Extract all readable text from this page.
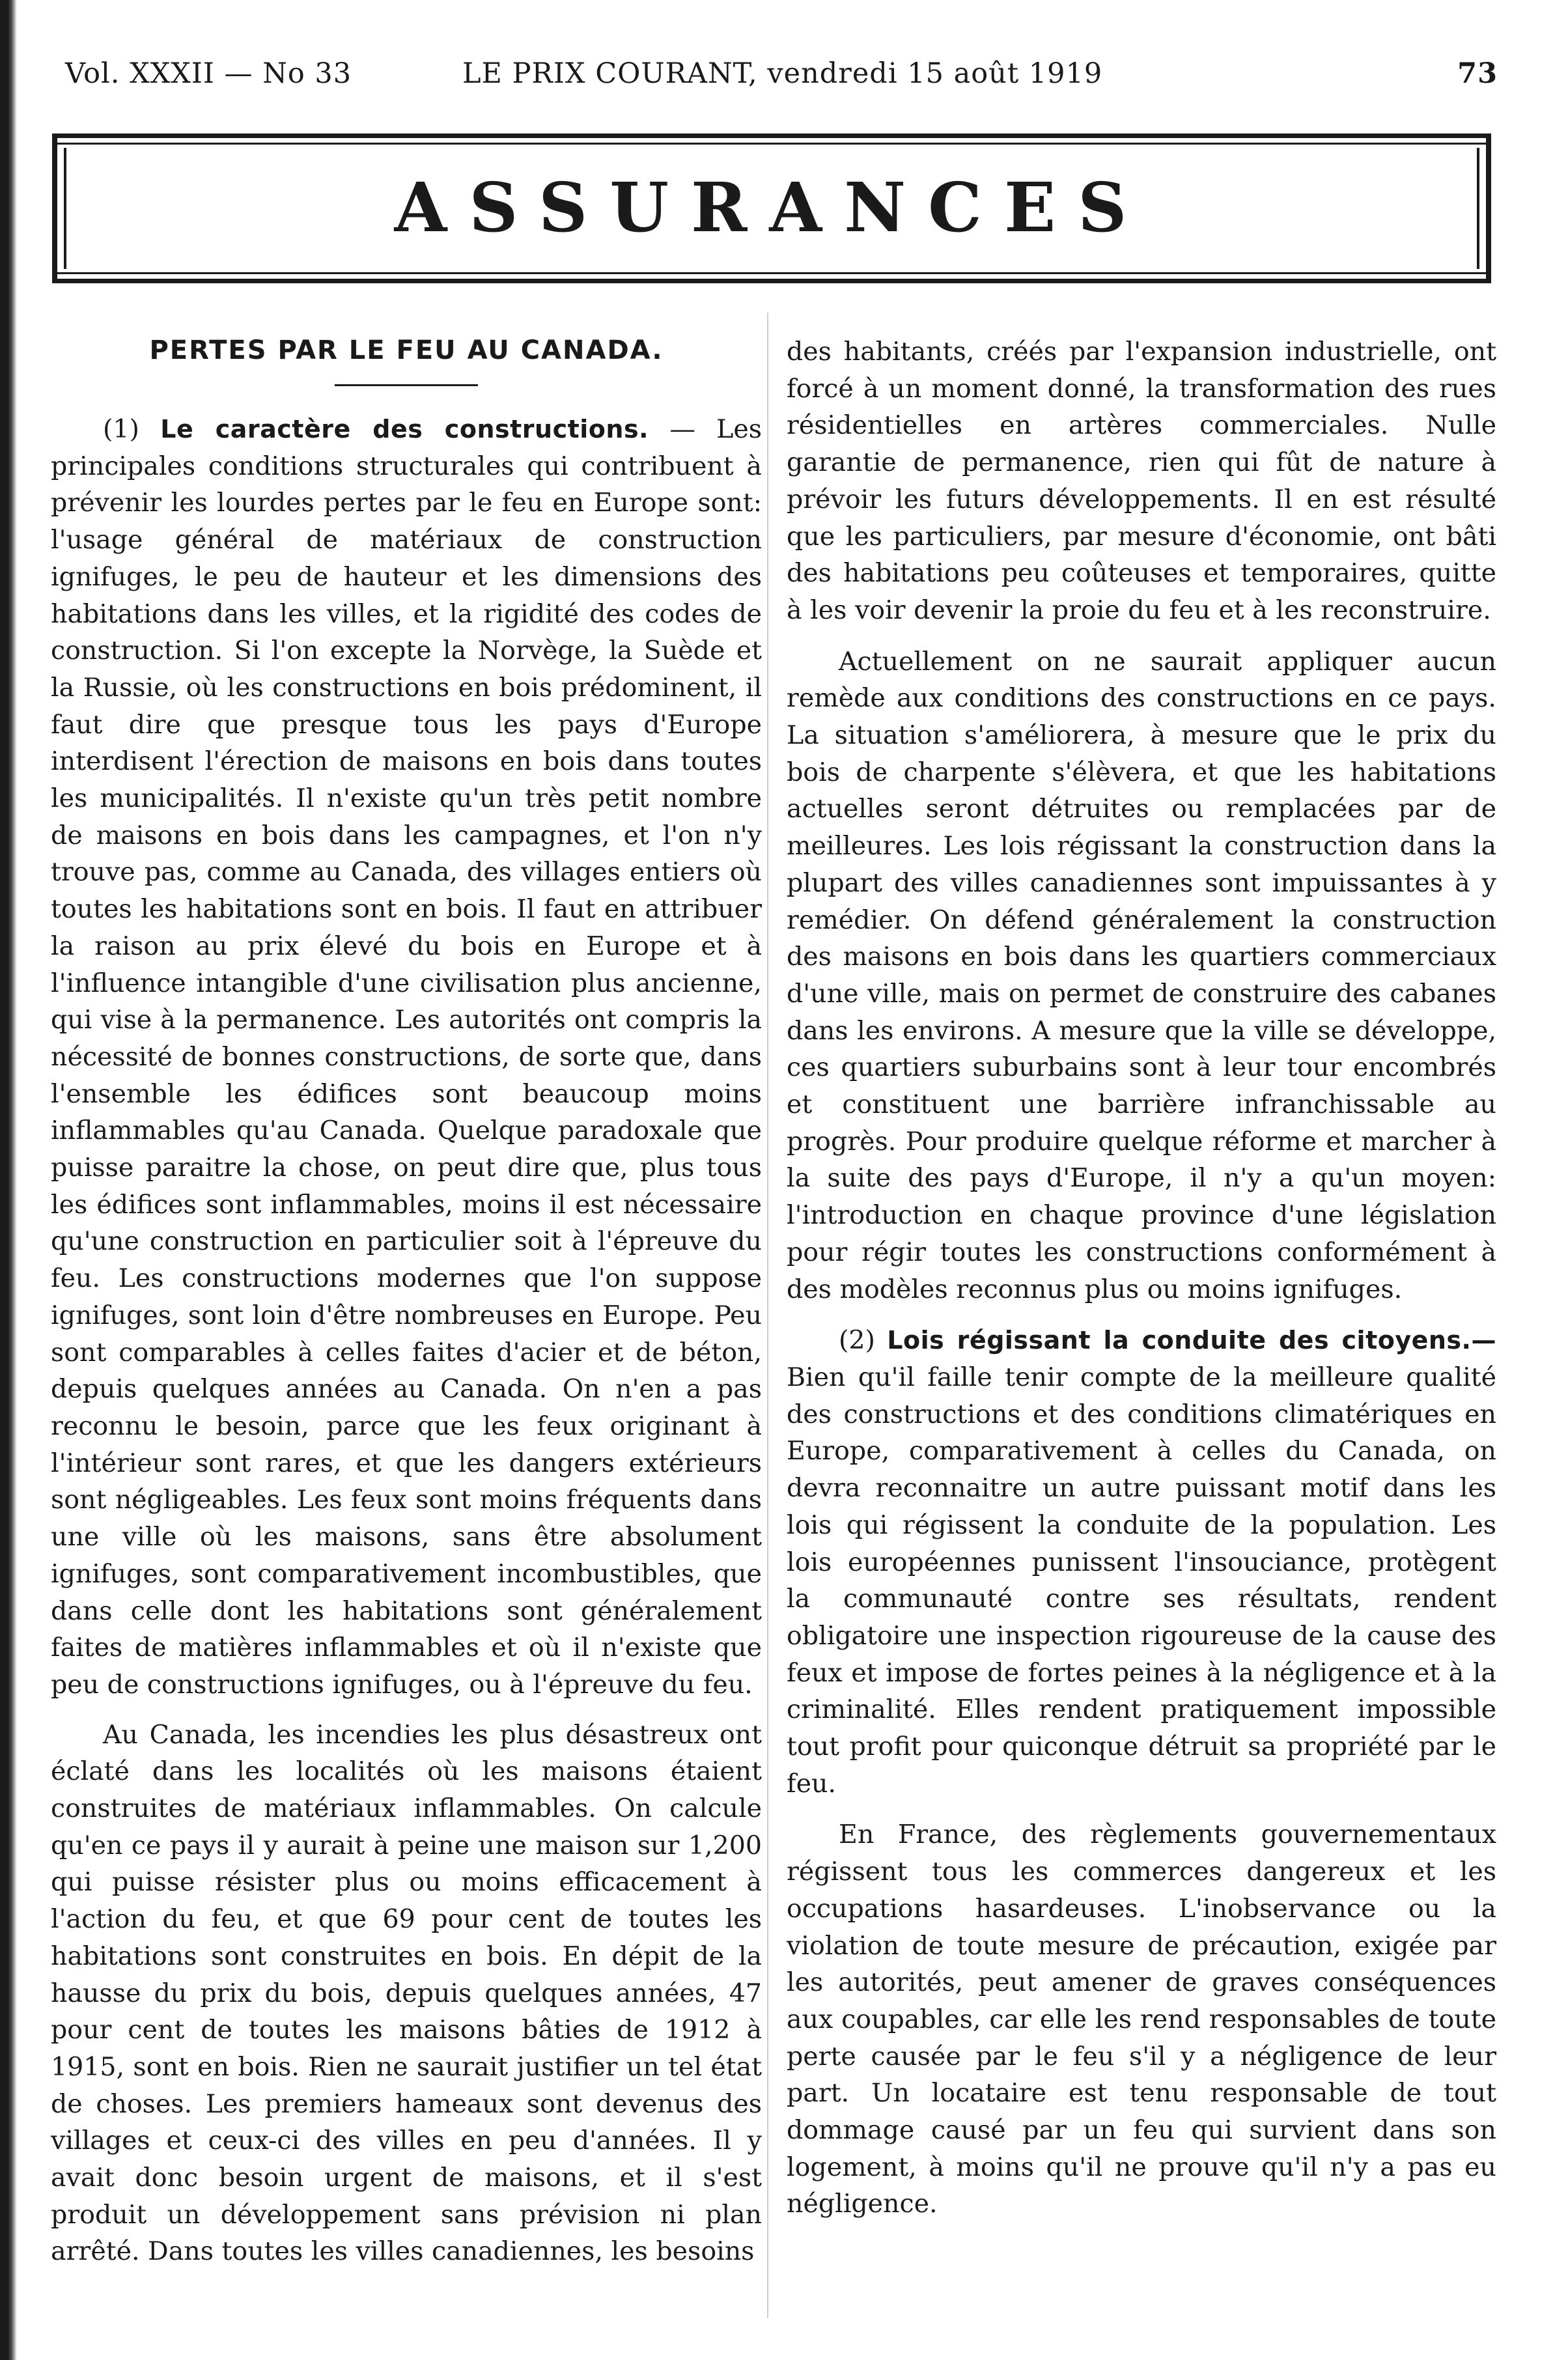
Vol. XXXII — No 33	LE PRIX COURANT, vendredi 15 août 1919	73
ASSURANCES
PERTES PAR LE FEU AU CANADA.

(1) Le caractère des constructions. — Les principales conditions structurales qui contribuent à prévenir les lourdes pertes par le feu en Europe sont: l'usage général de matériaux de construction ignifuges, le peu de hauteur et les dimensions des habitations dans les villes, et la rigidité des codes de construction. Si l'on excepte la Norvège, la Suède et la Russie, où les constructions en bois prédominent, il faut dire que presque tous les pays d'Europe interdisent l'érection de maisons en bois dans toutes les municipalités. Il n'existe qu'un très petit nombre de maisons en bois dans les campagnes, et l'on n'y trouve pas, comme au Canada, des villages entiers où toutes les habitations sont en bois. Il faut en attribuer la raison au prix élevé du bois en Europe et à l'influence intangible d'une civilisation plus ancienne, qui vise à la permanence. Les autorités ont compris la nécessité de bonnes constructions, de sorte que, dans l'ensemble les édifices sont beaucoup moins inflammables qu'au Canada. Quelque paradoxale que puisse paraitre la chose, on peut dire que, plus tous les édifices sont inflammables, moins il est nécessaire qu'une construction en particulier soit à l'épreuve du feu. Les constructions modernes que l'on suppose ignifuges, sont loin d'être nombreuses en Europe. Peu sont comparables à celles faites d'acier et de béton, depuis quelques années au Canada. On n'en a pas reconnu le besoin, parce que les feux originant à l'intérieur sont rares, et que les dangers extérieurs sont négligeables. Les feux sont moins fréquents dans une ville où les maisons, sans être absolument ignifuges, sont comparativement incombustibles, que dans celle dont les habitations sont généralement faites de matières inflammables et où il n'existe que peu de constructions ignifuges, ou à l'épreuve du feu.

Au Canada, les incendies les plus désastreux ont éclaté dans les localités où les maisons étaient construites de matériaux inflammables. On calcule qu'en ce pays il y aurait à peine une maison sur 1,200 qui puisse résister plus ou moins efficacement à l'action du feu, et que 69 pour cent de toutes les habitations sont construites en bois. En dépit de la hausse du prix du bois, depuis quelques années, 47 pour cent de toutes les maisons bâties de 1912 à 1915, sont en bois. Rien ne saurait justifier un tel état de choses. Les premiers hameaux sont devenus des villages et ceux-ci des villes en peu d'années. Il y avait donc besoin urgent de maisons, et il s'est produit un développement sans prévision ni plan arrêté. Dans toutes les villes canadiennes, les besoins

des habitants, créés par l'expansion industrielle, ont forcé à un moment donné, la transformation des rues résidentielles en artères commerciales. Nulle garantie de permanence, rien qui fût de nature à prévoir les futurs développements. Il en est résulté que les particuliers, par mesure d'économie, ont bâti des habitations peu coûteuses et temporaires, quitte à les voir devenir la proie du feu et à les reconstruire.

Actuellement on ne saurait appliquer aucun remède aux conditions des constructions en ce pays. La situation s'améliorera, à mesure que le prix du bois de charpente s'élèvera, et que les habitations actuelles seront détruites ou remplacées par de meilleures. Les lois régissant la construction dans la plupart des villes canadiennes sont impuissantes à y remédier. On défend généralement la construction des maisons en bois dans les quartiers commerciaux d'une ville, mais on permet de construire des cabanes dans les environs. A mesure que la ville se développe, ces quartiers suburbains sont à leur tour encombrés et constituent une barrière infranchissable au progrès. Pour produire quelque réforme et marcher à la suite des pays d'Europe, il n'y a qu'un moyen: l'introduction en chaque province d'une législation pour régir toutes les constructions conformément à des modèles reconnus plus ou moins ignifuges.

(2) Lois régissant la conduite des citoyens.— Bien qu'il faille tenir compte de la meilleure qualité des constructions et des conditions climatériques en Europe, comparativement à celles du Canada, on devra reconnaitre un autre puissant motif dans les lois qui régissent la conduite de la population. Les lois européennes punissent l'insouciance, protègent la communauté contre ses résultats, rendent obligatoire une inspection rigoureuse de la cause des feux et impose de fortes peines à la négligence et à la criminalité. Elles rendent pratiquement impossible tout profit pour quiconque détruit sa propriété par le feu.

En France, des règlements gouvernementaux régissent tous les commerces dangereux et les occupations hasardeuses. L'inobservance ou la violation de toute mesure de précaution, exigée par les autorités, peut amener de graves conséquences aux coupables, car elle les rend responsables de toute perte causée par le feu s'il y a négligence de leur part. Un locataire est tenu responsable de tout dommage causé par un feu qui survient dans son logement, à moins qu'il ne prouve qu'il n'y a pas eu négligence.
